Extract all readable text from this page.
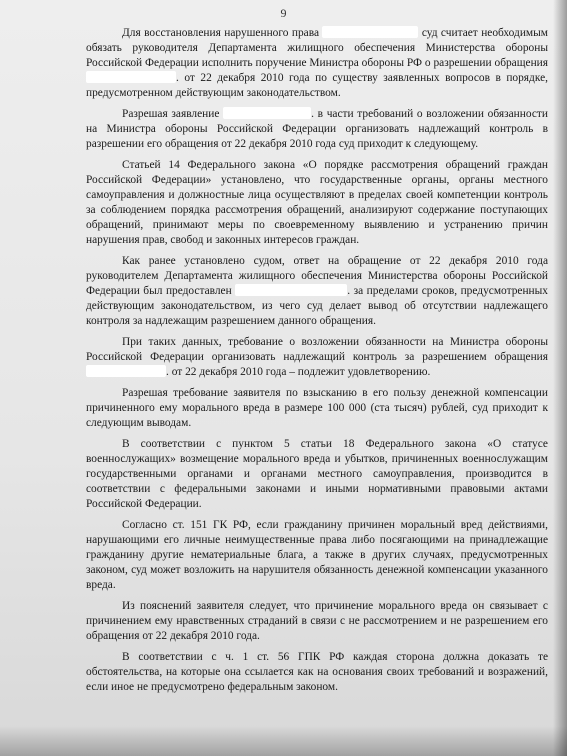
9

Для восстановления нарушенного права	суд считает необходимым обязать руководителя Департамента жилищного обеспечения Министерства обороны Российской Федерации исполнить поручение Министра обороны РФ о разрешении обращения . от 22 декабря 2010 года по существу заявленных вопросов в порядке, предусмотренном действующим законодательством.

Разрешая заявление	. в части требований о возложении обязанности на Министра обороны Российской Федерации организовать надлежащий контроль в разрешении его обращения от 22 декабря 2010 года суд приходит к следующему.

Статьей 14 Федерального закона «О порядке рассмотрения обращений граждан Российской Федерации» установлено, что государственные органы, органы местного самоуправления и должностные лица осуществляют в пределах своей компетенции контроль за соблюдением порядка рассмотрения обращений, анализируют содержание поступающих обращений, принимают меры по своевременному выявлению и устранению причин нарушения прав, свобод и законных интересов граждан.

Как ранее установлено судом, ответ на обращение от 22 декабря 2010 года руководителем Департамента жилищного обеспечения Министерства обороны Российской Федерации был предоставлен	. за пределами сроков, предусмотренных действующим законодательством, из чего суд делает вывод об отсутствии надлежащего контроля за надлежащим разрешением данного обращения.

При таких данных, требование о возложении обязанности на Министра обороны Российской Федерации организовать надлежащий контроль за разрешением обращения . от 22 декабря 2010 года – подлежит удовлетворению.

Разрешая требование заявителя по взысканию в его пользу денежной компенсации причиненного ему морального вреда в размере 100 000 (ста тысяч) рублей, суд приходит к следующим выводам.

В соответствии с пунктом 5 статьи 18 Федерального закона «О статусе военнослужащих» возмещение морального вреда и убытков, причиненных военнослужащим государственными органами и органами местного самоуправления, производится в соответствии с федеральными законами и иными нормативными правовыми актами Российской Федерации.

Согласно ст. 151 ГК РФ, если гражданину причинен моральный вред действиями, нарушающими его личные неимущественные права либо посягающими на принадлежащие гражданину другие нематериальные блага, а также в других случаях, предусмотренных законом, суд может возложить на нарушителя обязанность денежной компенсации указанного вреда.

Из пояснений заявителя следует, что причинение морального вреда он связывает с причинением ему нравственных страданий в связи с не рассмотрением и не разрешением его обращения от 22 декабря 2010 года.

В соответствии с ч. 1 ст. 56 ГПК РФ каждая сторона должна доказать те обстоятельства, на которые она ссылается как на основания своих требований и возражений, если иное не предусмотрено федеральным законом.
